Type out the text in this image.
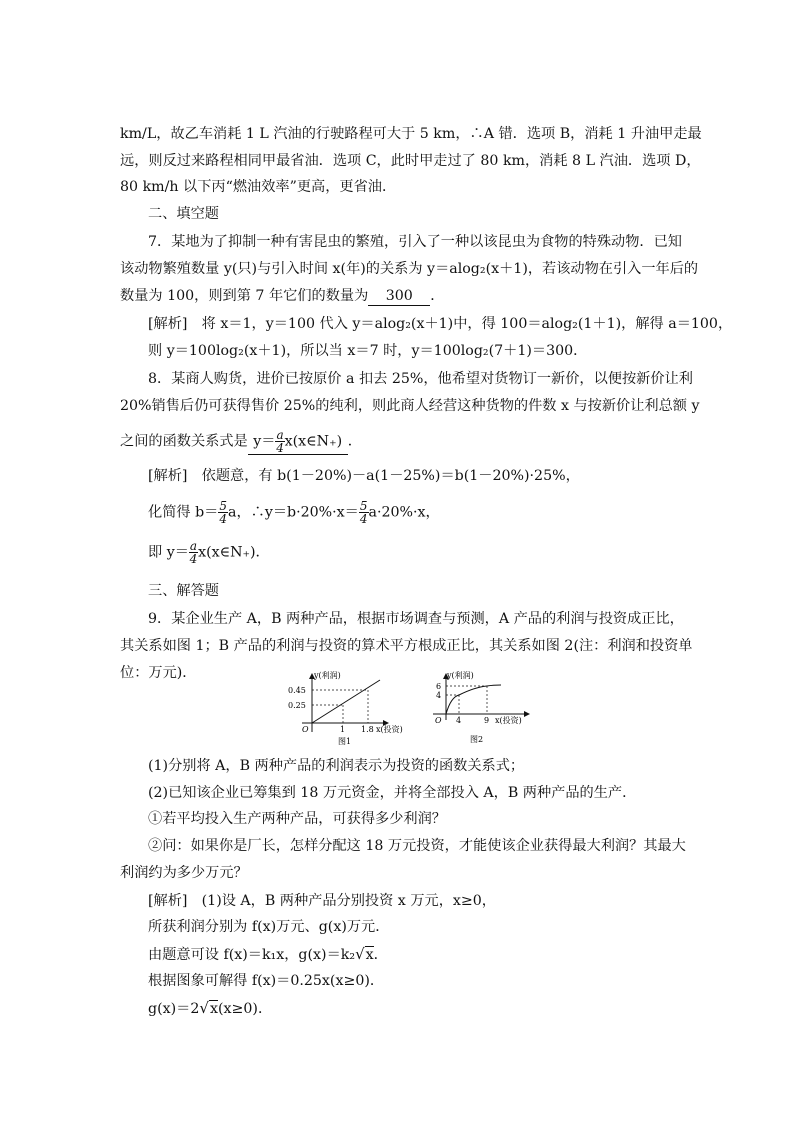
km/L，故乙车消耗 1 L 汽油的行驶路程可大于 5 km，∴A 错．选项 B，消耗 1 升油甲走最
远，则反过来路程相同甲最省油．选项 C，此时甲走过了 80 km，消耗 8 L 汽油．选项 D，
80 km/h 以下丙“燃油效率”更高，更省油．
二、填空题
7．某地为了抑制一种有害昆虫的繁殖，引入了一种以该昆虫为食物的特殊动物．已知
该动物繁殖数量 y(只)与引入时间 x(年)的关系为 y＝alog₂(x＋1)，若该动物在引入一年后的
数量为 100，则到第 7 年它们的数量为 300 ．
[解析]　将 x＝1，y＝100 代入 y＝alog₂(x＋1)中，得 100＝alog₂(1＋1)，解得 a＝100，
则 y＝100log₂(x＋1)，所以当 x＝7 时，y＝100log₂(7＋1)＝300．
8．某商人购货，进价已按原价 a 扣去 25%，他希望对货物订一新价，以便按新价让利
20%销售后仍可获得售价 25%的纯利，则此商人经营这种货物的件数 x 与按新价让利总额 y
之间的函数关系式是 $y= \frac{a}{4}$ x(x∈N₊) ．
[解析]　依题意，有 b(1－20%)－a(1－25%)＝b(1－20%)·25%，
化简得 $b= \frac{5}{4}$ a，∴y＝b·20%·x＝ $\frac{5}{4} a\cdot 20\%\cdot x$，
即 $y= \frac{a}{4}$ x(x∈N₊)．
三、解答题
9．某企业生产 A，B 两种产品，根据市场调查与预测，A 产品的利润与投资成正比，
其关系如图 1；B 产品的利润与投资的算术平方根成正比，其关系如图 2(注：利润和投资单
位：万元)．	y(利润)
0.45
0.25
O	1 1.8 x(投资)
图1
y(利润)
6
4
O 4	9 x(投资)
图2
(1)分别将 A，B 两种产品的利润表示为投资的函数关系式；
(2)已知该企业已筹集到 18 万元资金，并将全部投入 A，B 两种产品的生产．
①若平均投入生产两种产品，可获得多少利润？
②问：如果你是厂长，怎样分配这 18 万元投资，才能使该企业获得最大利润？其最大
利润约为多少万元？
[解析]　(1)设 A，B 两种产品分别投资 x 万元，x≥0，
所获利润分别为 f(x)万元、g(x)万元．
由题意可设 f(x)＝k₁x，g(x)＝k₂√x．
根据图象可解得 f(x)＝0.25x(x≥0)．
g(x)＝2√x(x≥0)．
